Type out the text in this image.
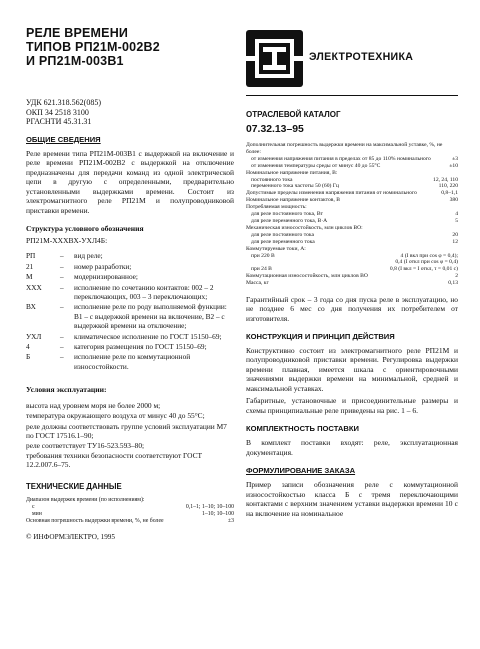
РЕЛЕ ВРЕМЕНИ
ТИПОВ РП21М-002В2
И РП21М-003В1
УДК 621.318.562(085)
ОКП 34 2518 3100
РГАСНТИ 45.31.31
ОБЩИЕ СВЕДЕНИЯ
Реле времени типа РП21М-003В1 с выдержкой на включение и реле времени РП21М-002В2 с выдержкой на отключение предназначены для передачи команд из одной электрической цепи в другую с определенными, предварительно установленными выдержками времени. Состоит из электромагнитного реле РП21М и полупроводниковой приставки времени.
Структура условного обозначения
РП21М-ХХХВХ-УХЛ4Б:
РП	–	вид реле;
21	–	номер разработки;
М	–	модернизированное;
ХХХ	–	исполнение по сочетанию контактов: 002 – 2 переключающих, 003 – 3 переключающих;
ВХ	–	исполнение реле по роду выполняемой функции: В1 – с выдержкой времени на включение, В2 – с выдержкой времени на отключение;
УХЛ	–	климатическое исполнение по ГОСТ 15150–69;
4	–	категория размещения по ГОСТ 15150–69;
Б	–	исполнение реле по коммутационной износостойкости.
Условия эксплуатации:

высота над уровнем моря не более 2000 м;

температура окружающего воздуха от минус 40 до 55°С;

реле должны соответствовать группе условий эксплуатации М7 по ГОСТ 17516.1–90;

реле соответствует ТУ16-523.593–80;

требования техники безопасности соответствуют ГОСТ 12.2.007.6–75.

ТЕХНИЧЕСКИЕ ДАННЫЕ
Диапазон выдержек времени (по исполнениям):
с	0,1–1; 1–10; 10–100
мин	1–10; 10–100
Основная погрешность выдержки времени, %, не более	±3
© ИНФОРМЭЛЕКТРО, 1995
ЭЛЕКТРОТЕХНИКА
ОТРАСЛЕВОЙ КАТАЛОГ
07.32.13–95
Дополнительная погрешность выдержки времени на максимальной уставке, %, не более:
от изменения напряжения питания в пределах от 85 до 110% номинального	±3
от изменения температуры среды от минус 40 до 55°С	±10
Номинальное напряжение питания, В:
постоянного тока	12, 24, 110
переменного тока частоты 50 (60) Гц	110, 220
Допустимые пределы изменения напряжения питания от номинального	0,8–1,1
Номинальное напряжение контактов, В	380
Потребляемая мощность:
для реле постоянного тока, Вт	4
для реле переменного тока, В·А	5
Механическая износостойкость, млн циклов ВО:
для реле постоянного тока	20
для реле переменного тока	12
Коммутируемые токи, А:
при 220 В	4 (I вкл при cos φ = 0,4);
0,4 (I откл при cos φ = 0,4)
при 24 В	0,8 (I вкл = I откл, τ = 0,01 с)
Коммутационная износостойкость, млн циклов ВО	2
Масса, кг	0,13
Гарантийный срок – 3 года со дня пуска реле в эксплуатацию, но не позднее 6 мес со дня получения их потребителем от изготовителя.
КОНСТРУКЦИЯ И ПРИНЦИП ДЕЙСТВИЯ
Конструктивно состоит из электромагнитного реле РП21М и полупроводниковой приставки времени. Регулировка выдержки времени плавная, имеется шкала с ориентировочными значениями выдержки времени на минимальной, средней и максимальной уставках.
Габаритные, установочные и присоединительные размеры и схемы принципиальные реле приведены на рис. 1 – 6.
КОМПЛЕКТНОСТЬ ПОСТАВКИ
В комплект поставки входят: реле, эксплуатационная документация.
ФОРМУЛИРОВАНИЕ ЗАКАЗА
Пример записи обозначения реле с коммутационной износостойкостью класса Б с тремя переключающими контактами с верхним значением уставки выдержки времени 10 с на включение на номинальное
